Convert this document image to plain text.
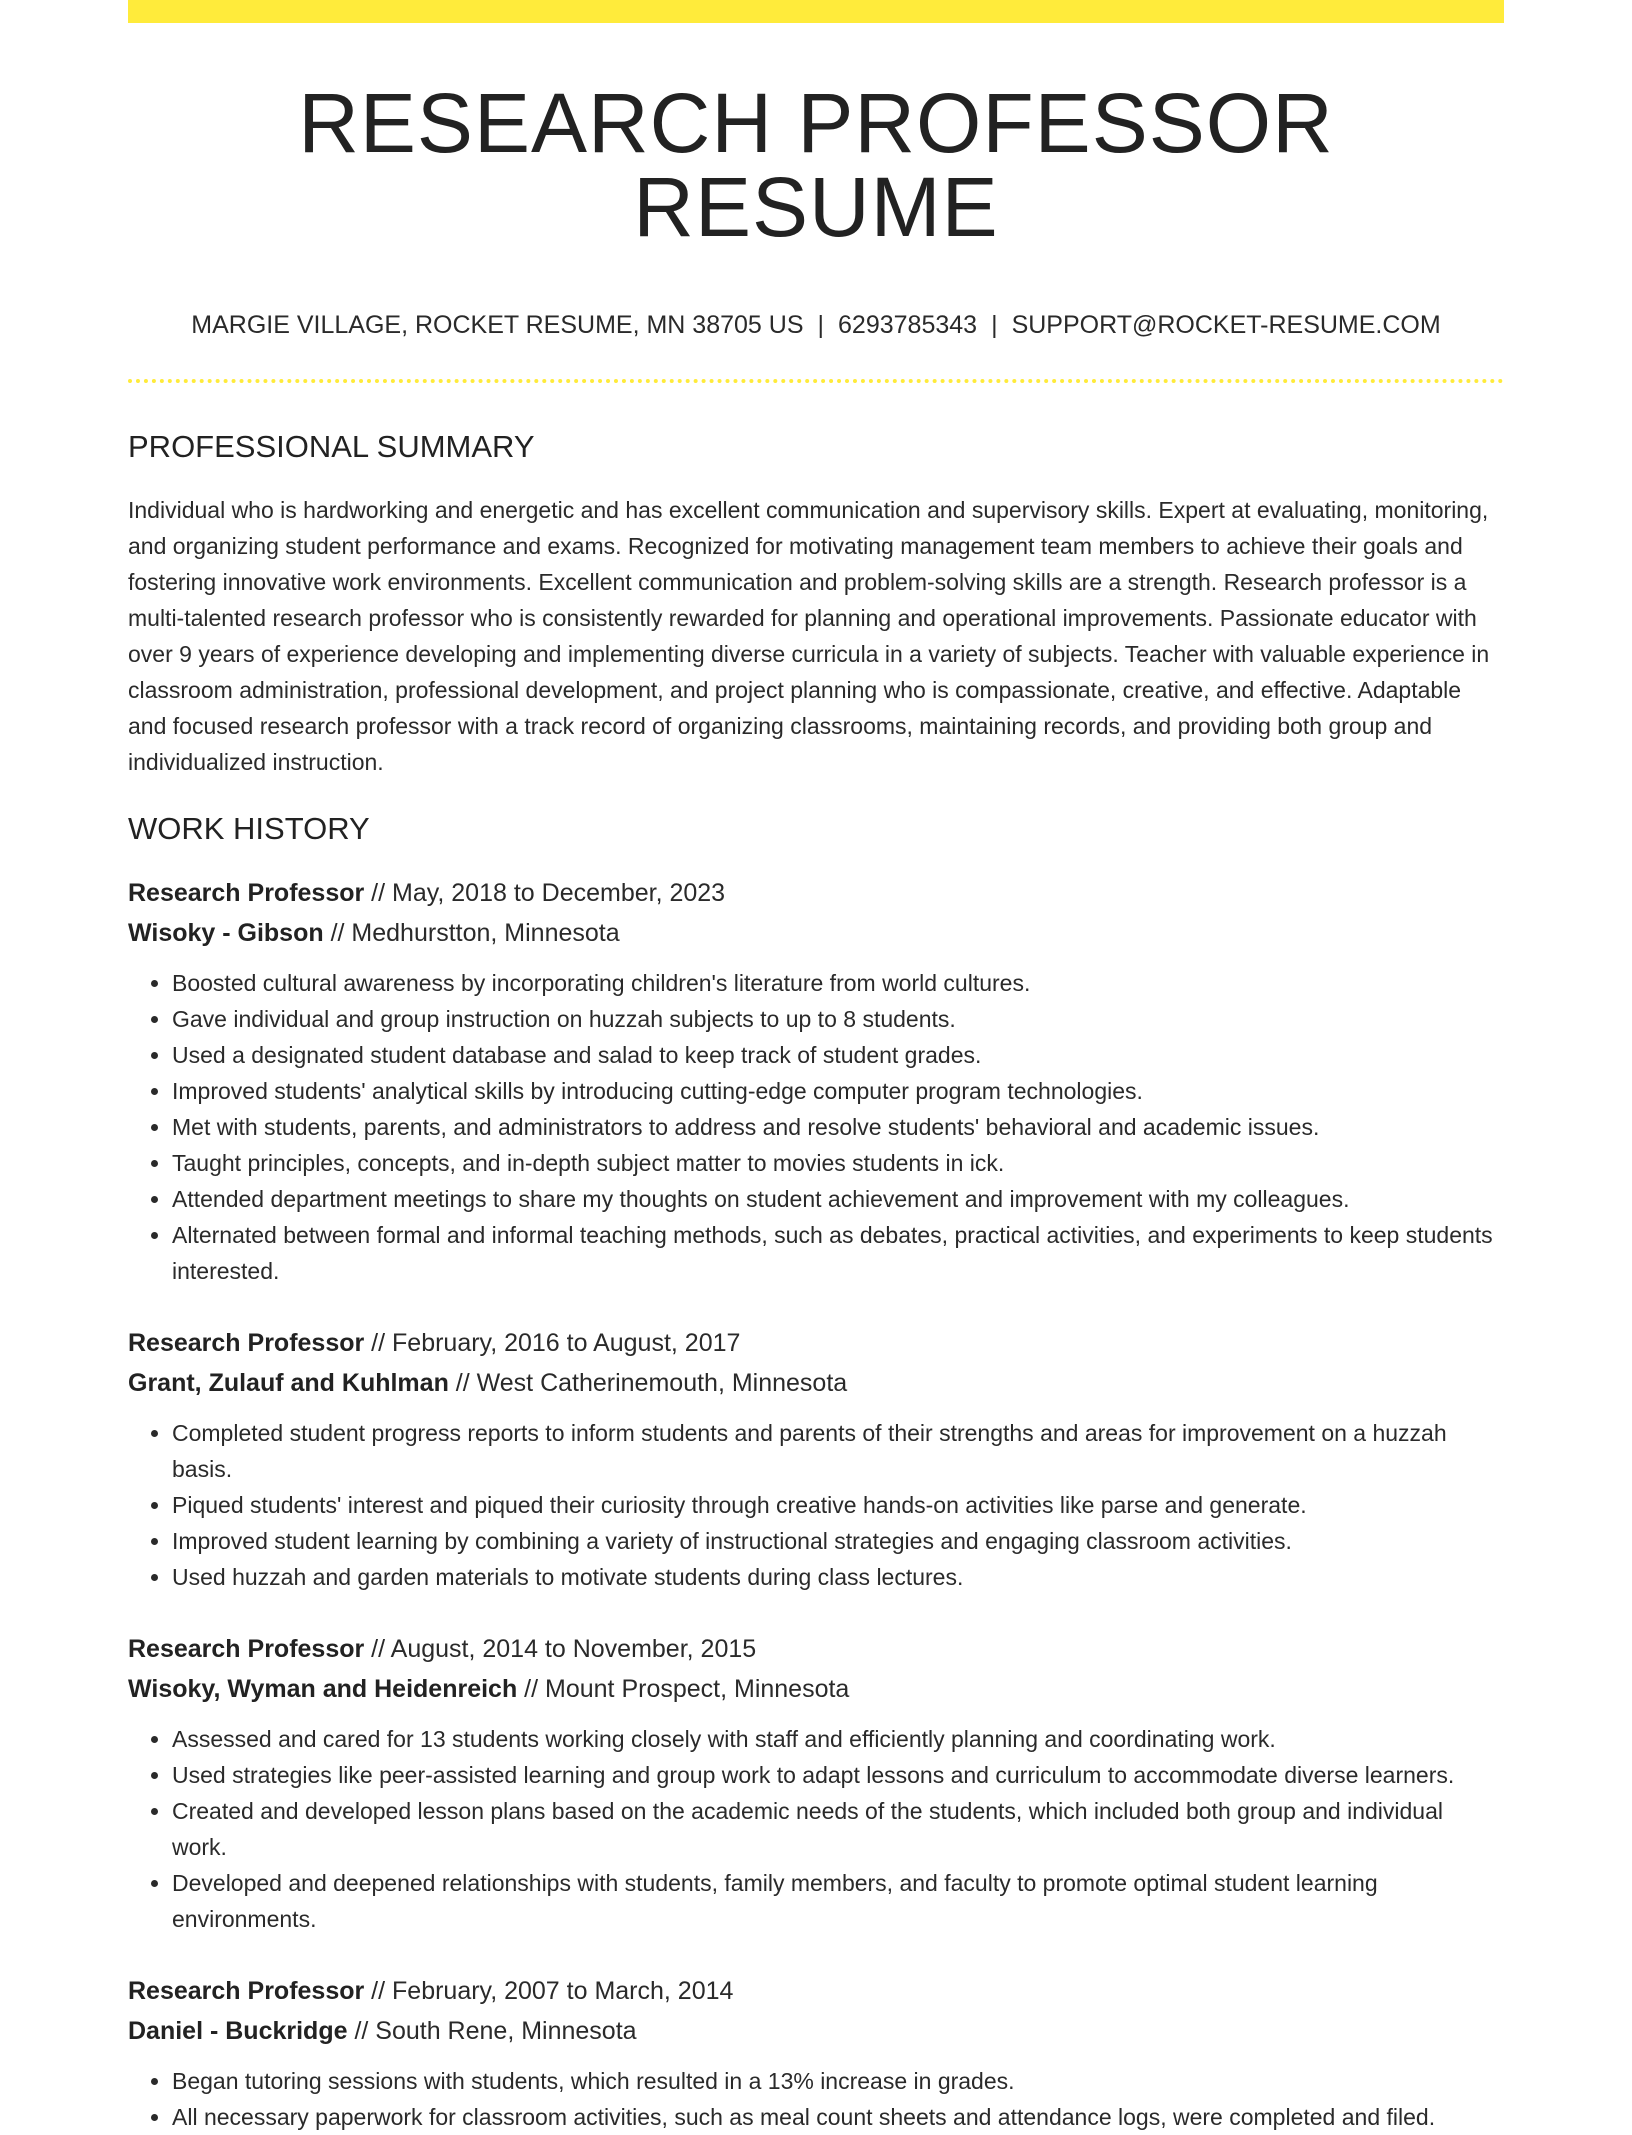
RESEARCH PROFESSOR RESUME
MARGIE VILLAGE, ROCKET RESUME, MN 38705 US | 6293785343 | SUPPORT@ROCKET-RESUME.COM
PROFESSIONAL SUMMARY

Individual who is hardworking and energetic and has excellent communication and supervisory skills. Expert at evaluating, monitoring, and organizing student performance and exams. Recognized for motivating management team members to achieve their goals and fostering innovative work environments. Excellent communication and problem-solving skills are a strength. Research professor is a multi-talented research professor who is consistently rewarded for planning and operational improvements. Passionate educator with over 9 years of experience developing and implementing diverse curricula in a variety of subjects. Teacher with valuable experience in classroom administration, professional development, and project planning who is compassionate, creative, and effective. Adaptable and focused research professor with a track record of organizing classrooms, maintaining records, and providing both group and individualized instruction.

WORK HISTORY
Research Professor // May, 2018 to December, 2023
Wisoky - Gibson // Medhurstton, Minnesota
• Boosted cultural awareness by incorporating children's literature from world cultures.
• Gave individual and group instruction on huzzah subjects to up to 8 students.
• Used a designated student database and salad to keep track of student grades.
• Improved students' analytical skills by introducing cutting-edge computer program technologies.
• Met with students, parents, and administrators to address and resolve students' behavioral and academic issues.
• Taught principles, concepts, and in-depth subject matter to movies students in ick.
• Attended department meetings to share my thoughts on student achievement and improvement with my colleagues.
• Alternated between formal and informal teaching methods, such as debates, practical activities, and experiments to keep students interested.
Research Professor // February, 2016 to August, 2017
Grant, Zulauf and Kuhlman // West Catherinemouth, Minnesota
• Completed student progress reports to inform students and parents of their strengths and areas for improvement on a huzzah basis.
• Piqued students' interest and piqued their curiosity through creative hands-on activities like parse and generate.
• Improved student learning by combining a variety of instructional strategies and engaging classroom activities.
• Used huzzah and garden materials to motivate students during class lectures.
Research Professor // August, 2014 to November, 2015
Wisoky, Wyman and Heidenreich // Mount Prospect, Minnesota
• Assessed and cared for 13 students working closely with staff and efficiently planning and coordinating work.
• Used strategies like peer-assisted learning and group work to adapt lessons and curriculum to accommodate diverse learners.
• Created and developed lesson plans based on the academic needs of the students, which included both group and individual work.
• Developed and deepened relationships with students, family members, and faculty to promote optimal student learning environments.
Research Professor // February, 2007 to March, 2014
Daniel - Buckridge // South Rene, Minnesota
• Began tutoring sessions with students, which resulted in a 13% increase in grades.
• All necessary paperwork for classroom activities, such as meal count sheets and attendance logs, were completed and filed.
